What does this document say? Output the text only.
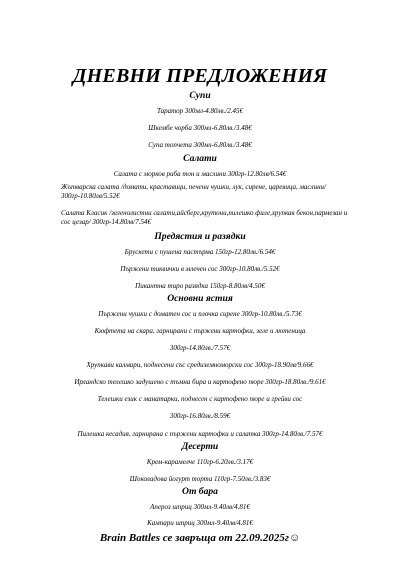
ДНЕВНИ ПРЕДЛОЖЕНИЯ
Супи
Таратор 300мл-4.80лв./2.45€
Шкембе чорба 300мл-6.80лв./3.48€
Супа топчета 300мл-6.80лв./3.48€
Салати
Салата с морков риба тон и маслини 300гр-12.80лв/6.54€
Жътварска салата /домати, краставици, печени чушки, лук, сирене, царевица, маслини/ 300гр-10.80лв/5.52€
Салата Класик /зеленолистни салати,айсберг,крутони,пилешко филе,хрупкав бекон,пармезан и сос цезар/ 300гр-14.80лв/7.54€
Предястия и разядки
Брускети с пушена пастърма 150гр-12.80лв./6.54€
Пържени тиквички в млечен сос 300гр-10.80лв./5.52€
Пикантна тиро разядка 150гр-8.80лв/4.50€
Основни ястия
Пържени чушки с доматен сос и плочка сирене 300гр-10.80лв./5.73€
Кюфтета на скара, гарнирани с пържени картофки, зеле и лютеница
300гр-14.80лв./7.57€
Хрупкави калмари, поднесени със средиземноморски сос 300гр-18.90лв/9.66€
Ирландско телешко задушено с тъмна бира и картофено пюре 300гр-18.80лв./9.61€
Телешки език с манатарки, поднесен с картофено пюре и грейви сос
300гр-16.80лв./8.59€
Пилешка кесадия, гарнирана с пържени картофки и салатка 300гр-14.80лв./7.57€
Десерти
Крем-карамелче 110гр-6.20лв./3.17€
Шоколадова йогурт торта 110гр-7.50лв./3.83€
От бара
Апероз шприц 300мл-9.40лв/4.81€
Кампари шприц 300мл-9.40лв/4.81€
Brain Battles се завръща от 22.09.2025г☺
